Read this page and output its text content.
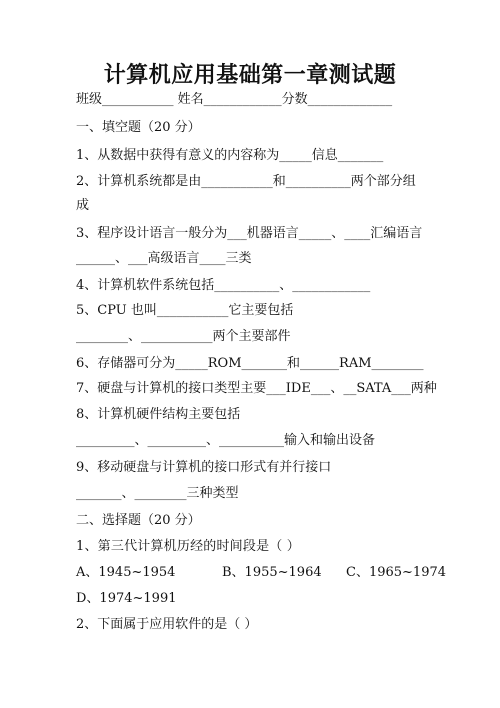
计算机应用基础第一章测试题
班级___________ 姓名____________分数_____________
一、填空题（20 分）
1、从数据中获得有意义的内容称为_____信息_______
2、计算机系统都是由___________和__________两个部分组
成
3、程序设计语言一般分为___机器语言_____、____汇编语言
______、___高级语言____三类
4、计算机软件系统包括__________、____________
5、CPU 也叫___________它主要包括
________、___________两个主要部件
6、存储器可分为_____ROM_______和______RAM________
7、硬盘与计算机的接口类型主要___IDE___、__SATA___两种
8、计算机硬件结构主要包括
_________、_________、__________输入和输出设备
9、移动硬盘与计算机的接口形式有并行接口
_______、________三种类型
二、选择题（20 分）
1、第三代计算机历经的时间段是（ ）
A、1945~1954	B、1955~1964 C、1965~1974
D、1974~1991
2、下面属于应用软件的是（ ）
